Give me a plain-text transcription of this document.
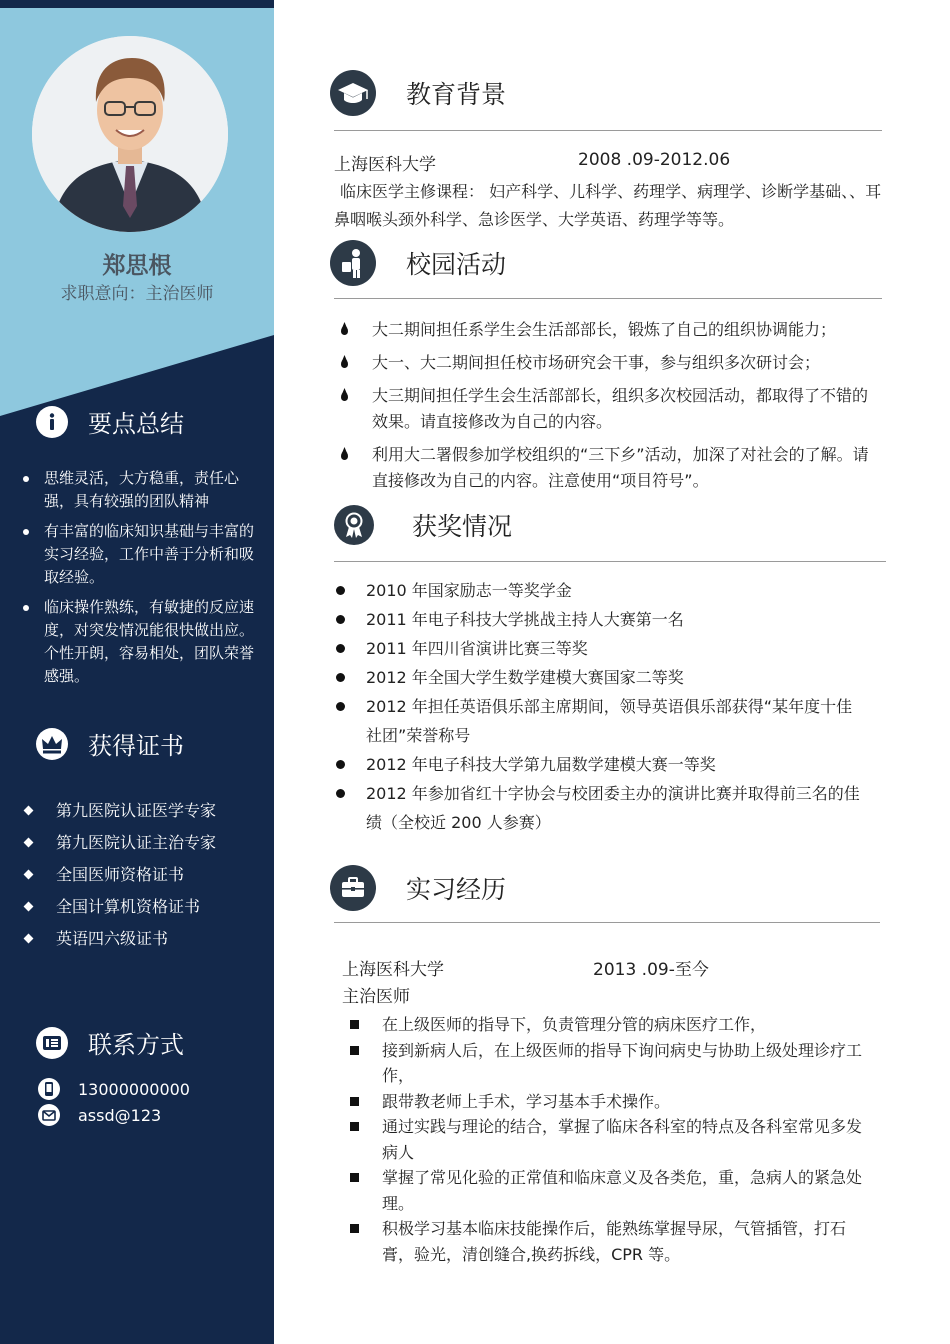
郑思根
求职意向：主治医师
要点总结
思维灵活，大方稳重，责任心强，具有较强的团队精神
有丰富的临床知识基础与丰富的实习经验，工作中善于分析和吸取经验。
临床操作熟练，有敏捷的反应速度，对突发情况能很快做出应。个性开朗，容易相处，团队荣誉感强。
获得证书
第九医院认证医学专家
第九医院认证主治专家
全国医师资格证书
全国计算机资格证书
英语四六级证书
联系方式
13000000000
assd@123
教育背景
上海医科大学	2008 .09-2012.06
临床医学主修课程： 妇产科学、儿科学、药理学、病理学、诊断学基础、、耳鼻咽喉头颈外科学、急诊医学、大学英语、药理学等等。
校园活动
大二期间担任系学生会生活部部长，锻炼了自己的组织协调能力；
大一、大二期间担任校市场研究会干事，参与组织多次研讨会；
大三期间担任学生会生活部部长，组织多次校园活动，都取得了不错的效果。请直接修改为自己的内容。
利用大二署假参加学校组织的“三下乡”活动，加深了对社会的了解。请直接修改为自己的内容。注意使用“项目符号”。
获奖情况
2010 年国家励志一等奖学金
2011 年电子科技大学挑战主持人大赛第一名
2011 年四川省演讲比赛三等奖
2012 年全国大学生数学建模大赛国家二等奖
2012 年担任英语俱乐部主席期间，领导英语俱乐部获得“某年度十佳社团”荣誉称号
2012 年电子科技大学第九届数学建模大赛一等奖
2012 年参加省红十字协会与校团委主办的演讲比赛并取得前三名的佳绩（全校近 200 人参赛）
实习经历
上海医科大学	2013 .09-至今
主治医师
在上级医师的指导下，负责管理分管的病床医疗工作，
接到新病人后，在上级医师的指导下询问病史与协助上级处理诊疗工作，
跟带教老师上手术，学习基本手术操作。
通过实践与理论的结合，掌握了临床各科室的特点及各科室常见多发病人
掌握了常见化验的正常值和临床意义及各类危，重，急病人的紧急处理。
积极学习基本临床技能操作后，能熟练掌握导尿，气管插管，打石膏，验光，清创缝合,换药拆线，CPR 等。
